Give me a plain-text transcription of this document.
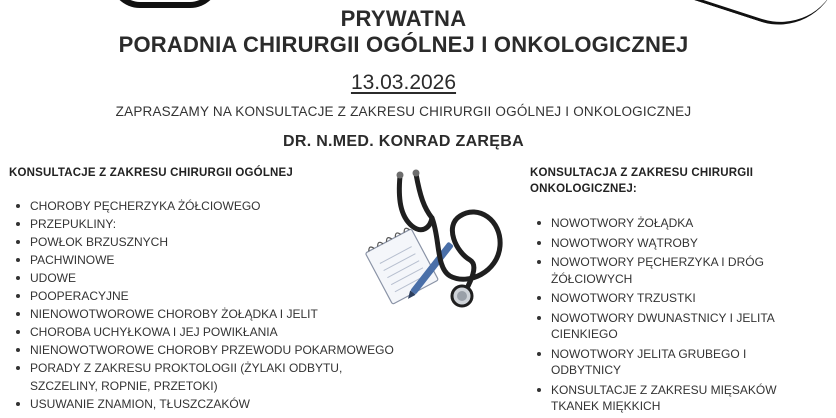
PRYWATNA
PORADNIA CHIRURGII OGÓLNEJ I ONKOLOGICZNEJ
13.03.2026
ZAPRASZAMY NA KONSULTACJE Z ZAKRESU CHIRURGII OGÓLNEJ I ONKOLOGICZNEJ
DR. N.MED. KONRAD ZARĘBA
KONSULTACJE Z ZAKRESU CHIRURGII OGÓLNEJ
CHOROBY PĘCHERZYKA ŻÓŁCIOWEGO
PRZEPUKLINY:
POWŁOK BRZUSZNYCH
PACHWINOWE
UDOWE
POOPERACYJNE
NIENOWOTWOROWE CHOROBY ŻOŁĄDKA I JELIT
CHOROBA UCHYŁKOWA I JEJ POWIKŁANIA
NIENOWOTWOROWE CHOROBY PRZEWODU POKARMOWEGO
PORADY Z ZAKRESU PROKTOLOGII (ŻYLAKI ODBYTU, SZCZELINY, ROPNIE, PRZETOKI)
USUWANIE ZNAMION, TŁUSZCZAKÓW
KONSULTACJA Z ZAKRESU CHIRURGII ONKOLOGICZNEJ:
NOWOTWORY ŻOŁĄDKA
NOWOTWORY WĄTROBY
NOWOTWORY PĘCHERZYKA I DRÓG ŻÓŁCIOWYCH
NOWOTWORY TRZUSTKI
NOWOTWORY DWUNASTNICY I JELITA CIENKIEGO
NOWOTWORY JELITA GRUBEGO I ODBYTNICY
KONSULTACJE Z ZAKRESU MIĘSAKÓW TKANEK MIĘKKICH
